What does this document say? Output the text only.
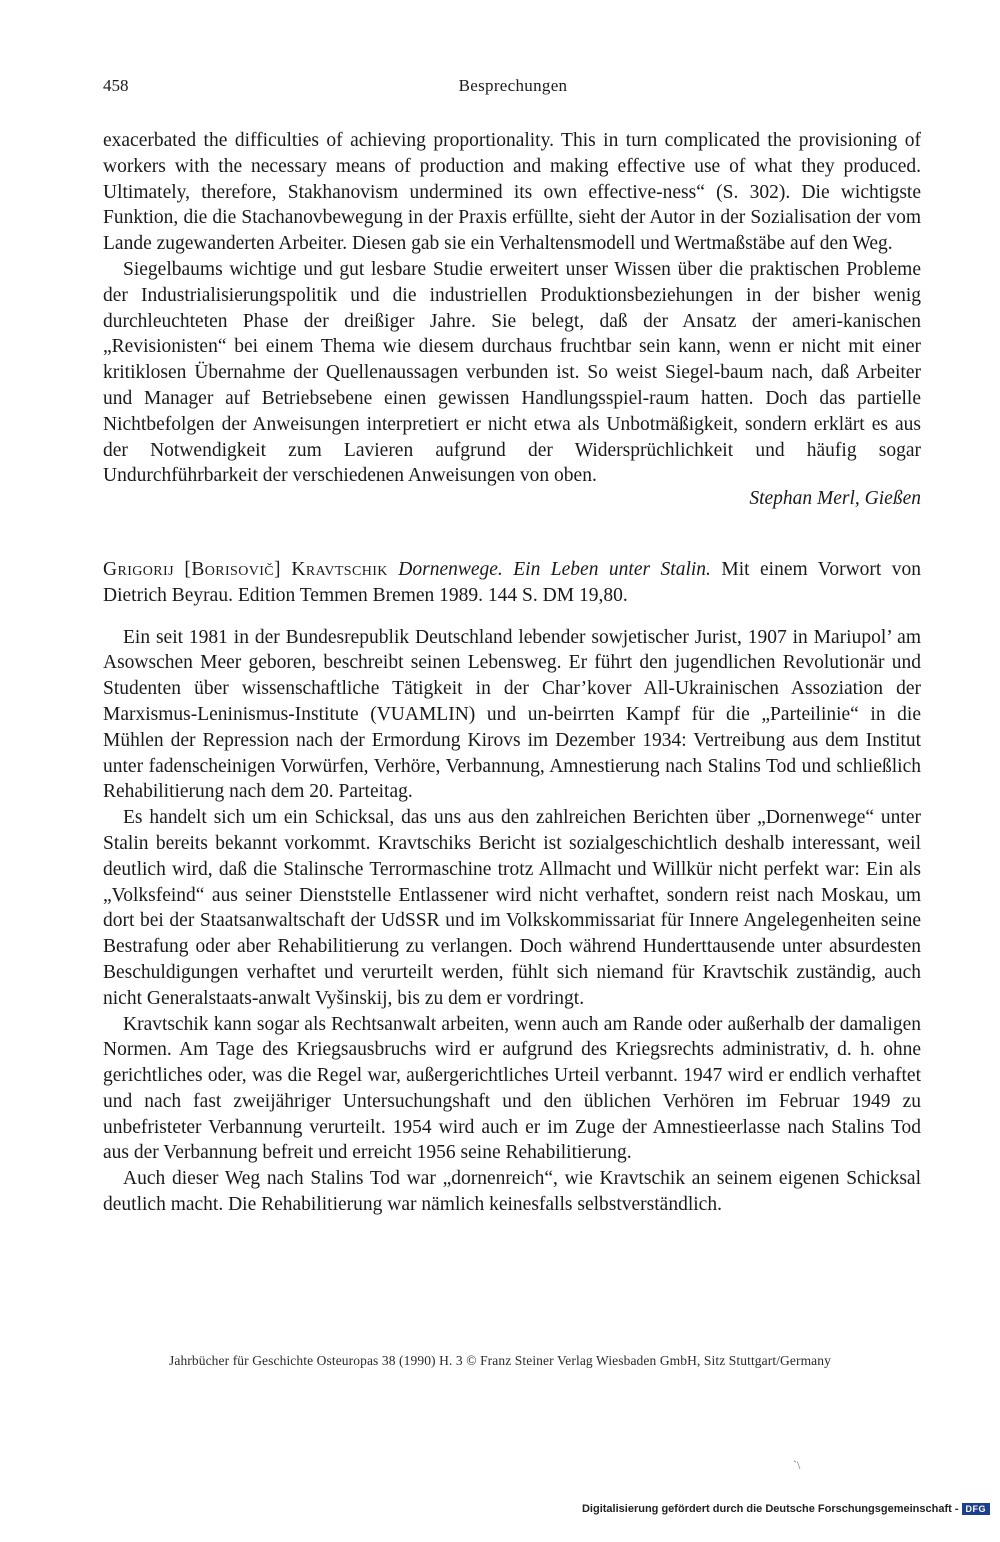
458	Besprechungen

exacerbated the difficulties of achieving proportionality. This in turn complicated the provisioning of workers with the necessary means of production and making effective use of what they produced. Ultimately, therefore, Stakhanovism undermined its own effective-ness“ (S. 302). Die wichtigste Funktion, die die Stachanovbewegung in der Praxis erfüllte, sieht der Autor in der Sozialisation der vom Lande zugewanderten Arbeiter. Diesen gab sie ein Verhaltensmodell und Wertmaßstäbe auf den Weg.

Siegelbaums wichtige und gut lesbare Studie erweitert unser Wissen über die praktischen Probleme der Industrialisierungspolitik und die industriellen Produktionsbeziehungen in der bisher wenig durchleuchteten Phase der dreißiger Jahre. Sie belegt, daß der Ansatz der ameri-kanischen „Revisionisten“ bei einem Thema wie diesem durchaus fruchtbar sein kann, wenn er nicht mit einer kritiklosen Übernahme der Quellenaussagen verbunden ist. So weist Siegel-baum nach, daß Arbeiter und Manager auf Betriebsebene einen gewissen Handlungsspiel-raum hatten. Doch das partielle Nichtbefolgen der Anweisungen interpretiert er nicht etwa als Unbotmäßigkeit, sondern erklärt es aus der Notwendigkeit zum Lavieren aufgrund der Widersprüchlichkeit und häufig sogar Undurchführbarkeit der verschiedenen Anweisungen von oben.

Stephan Merl, Gießen
Grigorij [Borisovič] Kravtschik Dornenwege. Ein Leben unter Stalin. Mit einem Vorwort von Dietrich Beyrau. Edition Temmen Bremen 1989. 144 S. DM 19,80.

Ein seit 1981 in der Bundesrepublik Deutschland lebender sowjetischer Jurist, 1907 in Mariupol’ am Asowschen Meer geboren, beschreibt seinen Lebensweg. Er führt den jugendlichen Revolutionär und Studenten über wissenschaftliche Tätigkeit in der Char’kover All-Ukrainischen Assoziation der Marxismus-Leninismus-Institute (VUAMLIN) und un-beirrten Kampf für die „Parteilinie“ in die Mühlen der Repression nach der Ermordung Kirovs im Dezember 1934: Vertreibung aus dem Institut unter fadenscheinigen Vorwürfen, Verhöre, Verbannung, Amnestierung nach Stalins Tod und schließlich Rehabilitierung nach dem 20. Parteitag.

Es handelt sich um ein Schicksal, das uns aus den zahlreichen Berichten über „Dornenwege“ unter Stalin bereits bekannt vorkommt. Kravtschiks Bericht ist sozialgeschichtlich deshalb interessant, weil deutlich wird, daß die Stalinsche Terrormaschine trotz Allmacht und Willkür nicht perfekt war: Ein als „Volksfeind“ aus seiner Dienststelle Entlassener wird nicht verhaftet, sondern reist nach Moskau, um dort bei der Staatsanwaltschaft der UdSSR und im Volkskommissariat für Innere Angelegenheiten seine Bestrafung oder aber Rehabilitierung zu verlangen. Doch während Hunderttausende unter absurdesten Beschuldigungen verhaftet und verurteilt werden, fühlt sich niemand für Kravtschik zuständig, auch nicht Generalstaats-anwalt Vyšinskij, bis zu dem er vordringt.

Kravtschik kann sogar als Rechtsanwalt arbeiten, wenn auch am Rande oder außerhalb der damaligen Normen. Am Tage des Kriegsausbruchs wird er aufgrund des Kriegsrechts administrativ, d. h. ohne gerichtliches oder, was die Regel war, außergerichtliches Urteil verbannt. 1947 wird er endlich verhaftet und nach fast zweijähriger Untersuchungshaft und den üblichen Verhören im Februar 1949 zu unbefristeter Verbannung verurteilt. 1954 wird auch er im Zuge der Amnestieerlasse nach Stalins Tod aus der Verbannung befreit und erreicht 1956 seine Rehabilitierung.

Auch dieser Weg nach Stalins Tod war „dornenreich“, wie Kravtschik an seinem eigenen Schicksal deutlich macht. Die Rehabilitierung war nämlich keinesfalls selbstverständlich.

Jahrbücher für Geschichte Osteuropas 38 (1990) H. 3 © Franz Steiner Verlag Wiesbaden GmbH, Sitz Stuttgart/Germany
`\
Digitalisierung gefördert durch die Deutsche Forschungsgemeinschaft - DFG
